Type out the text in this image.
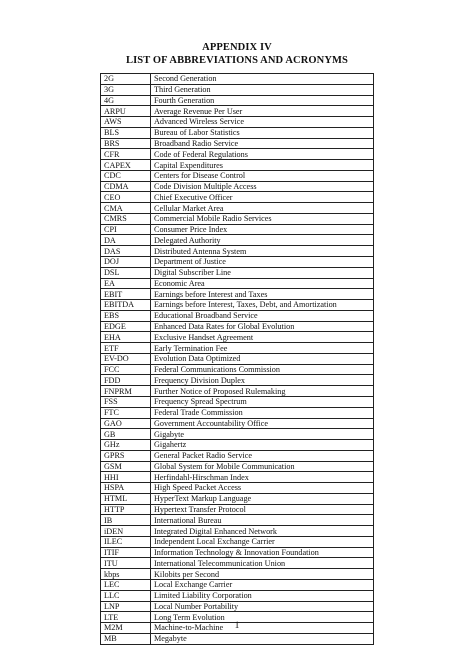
APPENDIX IV
LIST OF ABBREVIATIONS AND ACRONYMS
2G	Second Generation
3G	Third Generation
4G	Fourth Generation
ARPU	Average Revenue Per User
AWS	Advanced Wireless Service
BLS	Bureau of Labor Statistics
BRS	Broadband Radio Service
CFR	Code of Federal Regulations
CAPEX	Capital Expenditures
CDC	Centers for Disease Control
CDMA	Code Division Multiple Access
CEO	Chief Executive Officer
CMA	Cellular Market Area
CMRS	Commercial Mobile Radio Services
CPI	Consumer Price Index
DA	Delegated Authority
DAS	Distributed Antenna System
DOJ	Department of Justice
DSL	Digital Subscriber Line
EA	Economic Area
EBIT	Earnings before Interest and Taxes
EBITDA	Earnings before Interest, Taxes, Debt, and Amortization
EBS	Educational Broadband Service
EDGE	Enhanced Data Rates for Global Evolution
EHA	Exclusive Handset Agreement
ETF	Early Termination Fee
EV-DO	Evolution Data Optimized
FCC	Federal Communications Commission
FDD	Frequency Division Duplex
FNPRM	Further Notice of Proposed Rulemaking
FSS	Frequency Spread Spectrum
FTC	Federal Trade Commission
GAO	Government Accountability Office
GB	Gigabyte
GHz	Gigahertz
GPRS	General Packet Radio Service
GSM	Global System for Mobile Communication
HHI	Herfindahl-Hirschman Index
HSPA	High Speed Packet Access
HTML	HyperText Markup Language
HTTP	Hypertext Transfer Protocol
IB	International Bureau
iDEN	Integrated Digital Enhanced Network
ILEC	Independent Local Exchange Carrier
ITIF	Information Technology & Innovation Foundation
ITU	International Telecommunication Union
kbps	Kilobits per Second
LEC	Local Exchange Carrier
LLC	Limited Liability Corporation
LNP	Local Number Portability
LTE	Long Term Evolution
M2M	Machine-to-Machine
MB	Megabyte
1
